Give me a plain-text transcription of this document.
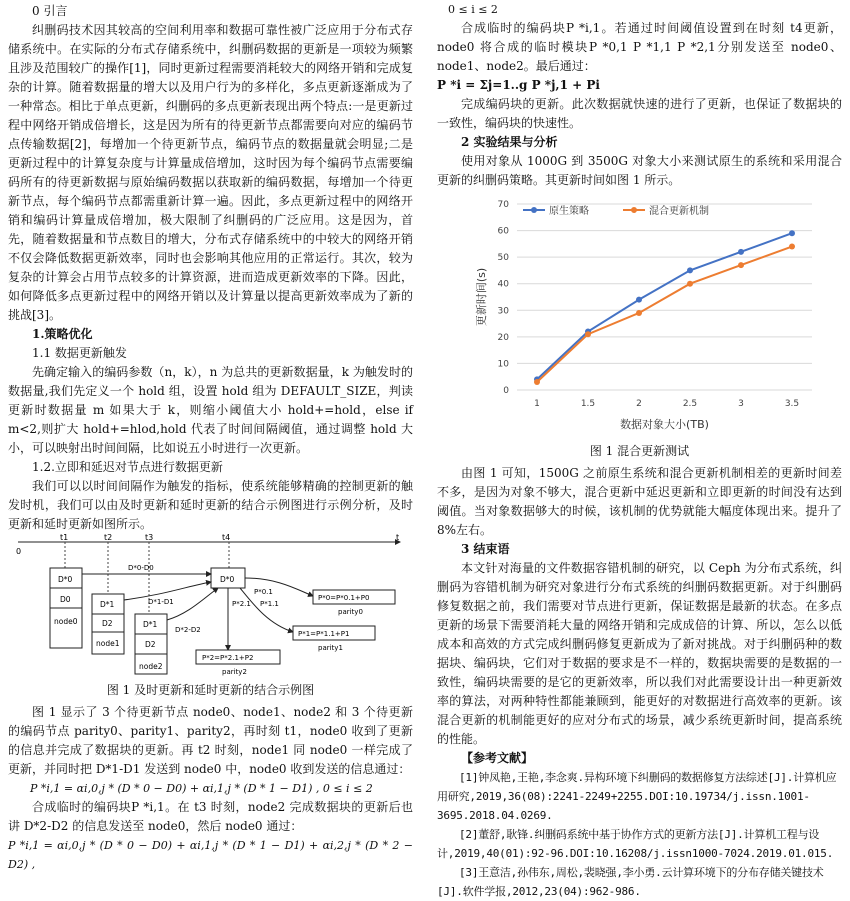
0 引言

纠删码技术因其较高的空间利用率和数据可靠性被广泛应用于分布式存储系统中。在实际的分布式存储系统中，纠删码数据的更新是一项较为频繁且涉及范围较广的操作[1]，同时更新过程需要消耗较大的网络开销和完成复杂的计算。随着数据量的增大以及用户行为的多样化，多点更新逐渐成为了一种常态。相比于单点更新，纠删码的多点更新表现出两个特点:一是更新过程中网络开销成倍增长，这是因为所有的待更新节点都需要向对应的编码节点传输数据[2]，每增加一个待更新节点，编码节点的数据量就会明显;二是更新过程中的计算复杂度与计算量成倍增加，这时因为每个编码节点需要编码所有的待更新数据与原始编码数据以获取新的编码数据，每增加一个待更新节点，每个编码节点都需重新计算一遍。因此，多点更新过程中的网络开销和编码计算量成倍增加，极大限制了纠删码的广泛应用。这是因为，首先，随着数据量和节点数目的增大，分布式存储系统中的中较大的网络开销不仅会降低数据更新效率，同时也会影响其他应用的正常运行。其次，较为复杂的计算会占用节点较多的计算资源，进而造成更新效率的下降。因此，如何降低多点更新过程中的网络开销以及计算量以提高更新效率成为了新的挑战[3]。

1.策略优化

1.1 数据更新触发

先确定输入的编码参数（n，k），n 为总共的更新数据量，k 为触发时的数据量,我们先定义一个 hold 组，设置 hold 组为 DEFAULT_SIZE，判读更新时数据量 m 如果大于 k，则缩小阈值大小 hold+=hold，else if m<2,则扩大 hold+=hlod,hold 代表了时间间隔阈值，通过调整 hold 大小，可以映射出时间间隔，比如说五小时进行一次更新。

1.2.立即和延迟对节点进行数据更新

我们可以以时间间隔作为触发的指标，使系统能够精确的控制更新的触发时机，我们可以由及时更新和延时更新的结合示例图进行示例分析，及时更新和延时更新如图所示。

0
t1	t2	t3	t4	t
D*0
D0
node0
D*1
D2
node1
D*1
D2
node2
D*0
D*0-D0
D*1-D1
D*2-D2
P*0.1
P*1.1
P*2.1
P*0=P*0.1+P0
parity0
P*1=P*1.1+P1
parity1
P*2=P*2.1+P2
parity2

图 1 及时更新和延时更新的结合示例图

图 1 显示了 3 个待更新节点 node0、node1、node2 和 3 个待更新的编码节点 parity0、parity1、parity2，再时刻 t1，node0 收到了更新的信息并完成了数据块的更新。再 t2 时刻，node1 同 node0 一样完成了更新，并同时把 D*1-D1 发送到 node0 中，node0 收到发送的信息通过：

P *i,1 = αi,0,j * (D * 0 − D0) + αi,1,j * (D * 1 − D1) , 0 ≤ i ≤ 2

合成临时的编码块P *i,1。在 t3 时刻，node2 完成数据块的更新后也讲 D*2-D2 的信息发送至 node0，然后 node0 通过：

P *i,1 = αi,0,j * (D * 0 − D0) + αi,1,j * (D * 1 − D1) + αi,2,j * (D * 2 − D2) ,

0 ≤ i ≤ 2

合成临时的编码块P *i,1。若通过时间阈值设置到在时刻 t4更新，node0 将合成的临时模块P *0,1 P *1,1 P *2,1分别发送至 node0、node1、node2。最后通过：

P *i = Σj=1..g P *j,1 + Pi

完成编码块的更新。此次数据就快速的进行了更新，也保证了数据块的一致性，编码块的快速性。

2 实验结果与分析

使用对象从 1000G 到 3500G 对象大小来测试原生的系统和采用混合更新的纠删码策略。其更新时间如图 1 所示。

0
10
20
30
40
50
60
70
1	1.5	2	2.5	3	3.5
数据对象大小(TB)
更新时间(s)
原生策略	混合更新机制

图 1 混合更新测试

由图 1 可知，1500G 之前原生系统和混合更新机制相差的更新时间差不多，是因为对象不够大，混合更新中延迟更新和立即更新的时间没有达到阈值。当对象数据够大的时候，该机制的优势就能大幅度体现出来。提升了 8%左右。

3 结束语

本文针对海量的文件数据容错机制的研究，以 Ceph 为分布式系统，纠删码为容错机制为研究对象进行分布式系统的纠删码数据更新。对于纠删码修复数据之前，我们需要对节点进行更新，保证数据是最新的状态。在多点更新的场景下需要消耗大量的网络开销和完成成倍的计算、所以，怎么以低成本和高效的方式完成纠删码修复更新成为了新对挑战。对于纠删码种的数据块、编码块，它们对于数据的要求是不一样的，数据块需要的是数据的一致性，编码块需要的是它的更新效率，所以我们对此需要设计出一种更新效率的算法，对两种特性都能兼顾到，能更好的对数据进行高效率的更新。该混合更新的机制能更好的应对分布式的场景，减少系统更新时间，提高系统的性能。

【参考文献】

[1]钟凤艳,王艳,李念爽.异构环境下纠删码的数据修复方法综述[J].计算机应用研究,2019,36(08):2241-2249+2255.DOI:10.19734/j.issn.1001-3695.2018.04.0269.

[2]董舒,耿锋.纠删码系统中基于协作方式的更新方法[J].计算机工程与设计,2019,40(01):92-96.DOI:10.16208/j.issn1000-7024.2019.01.015.

[3]王意洁,孙伟东,周松,裴晓强,李小勇.云计算环境下的分布存储关键技术[J].软件学报,2012,23(04):962-986.
